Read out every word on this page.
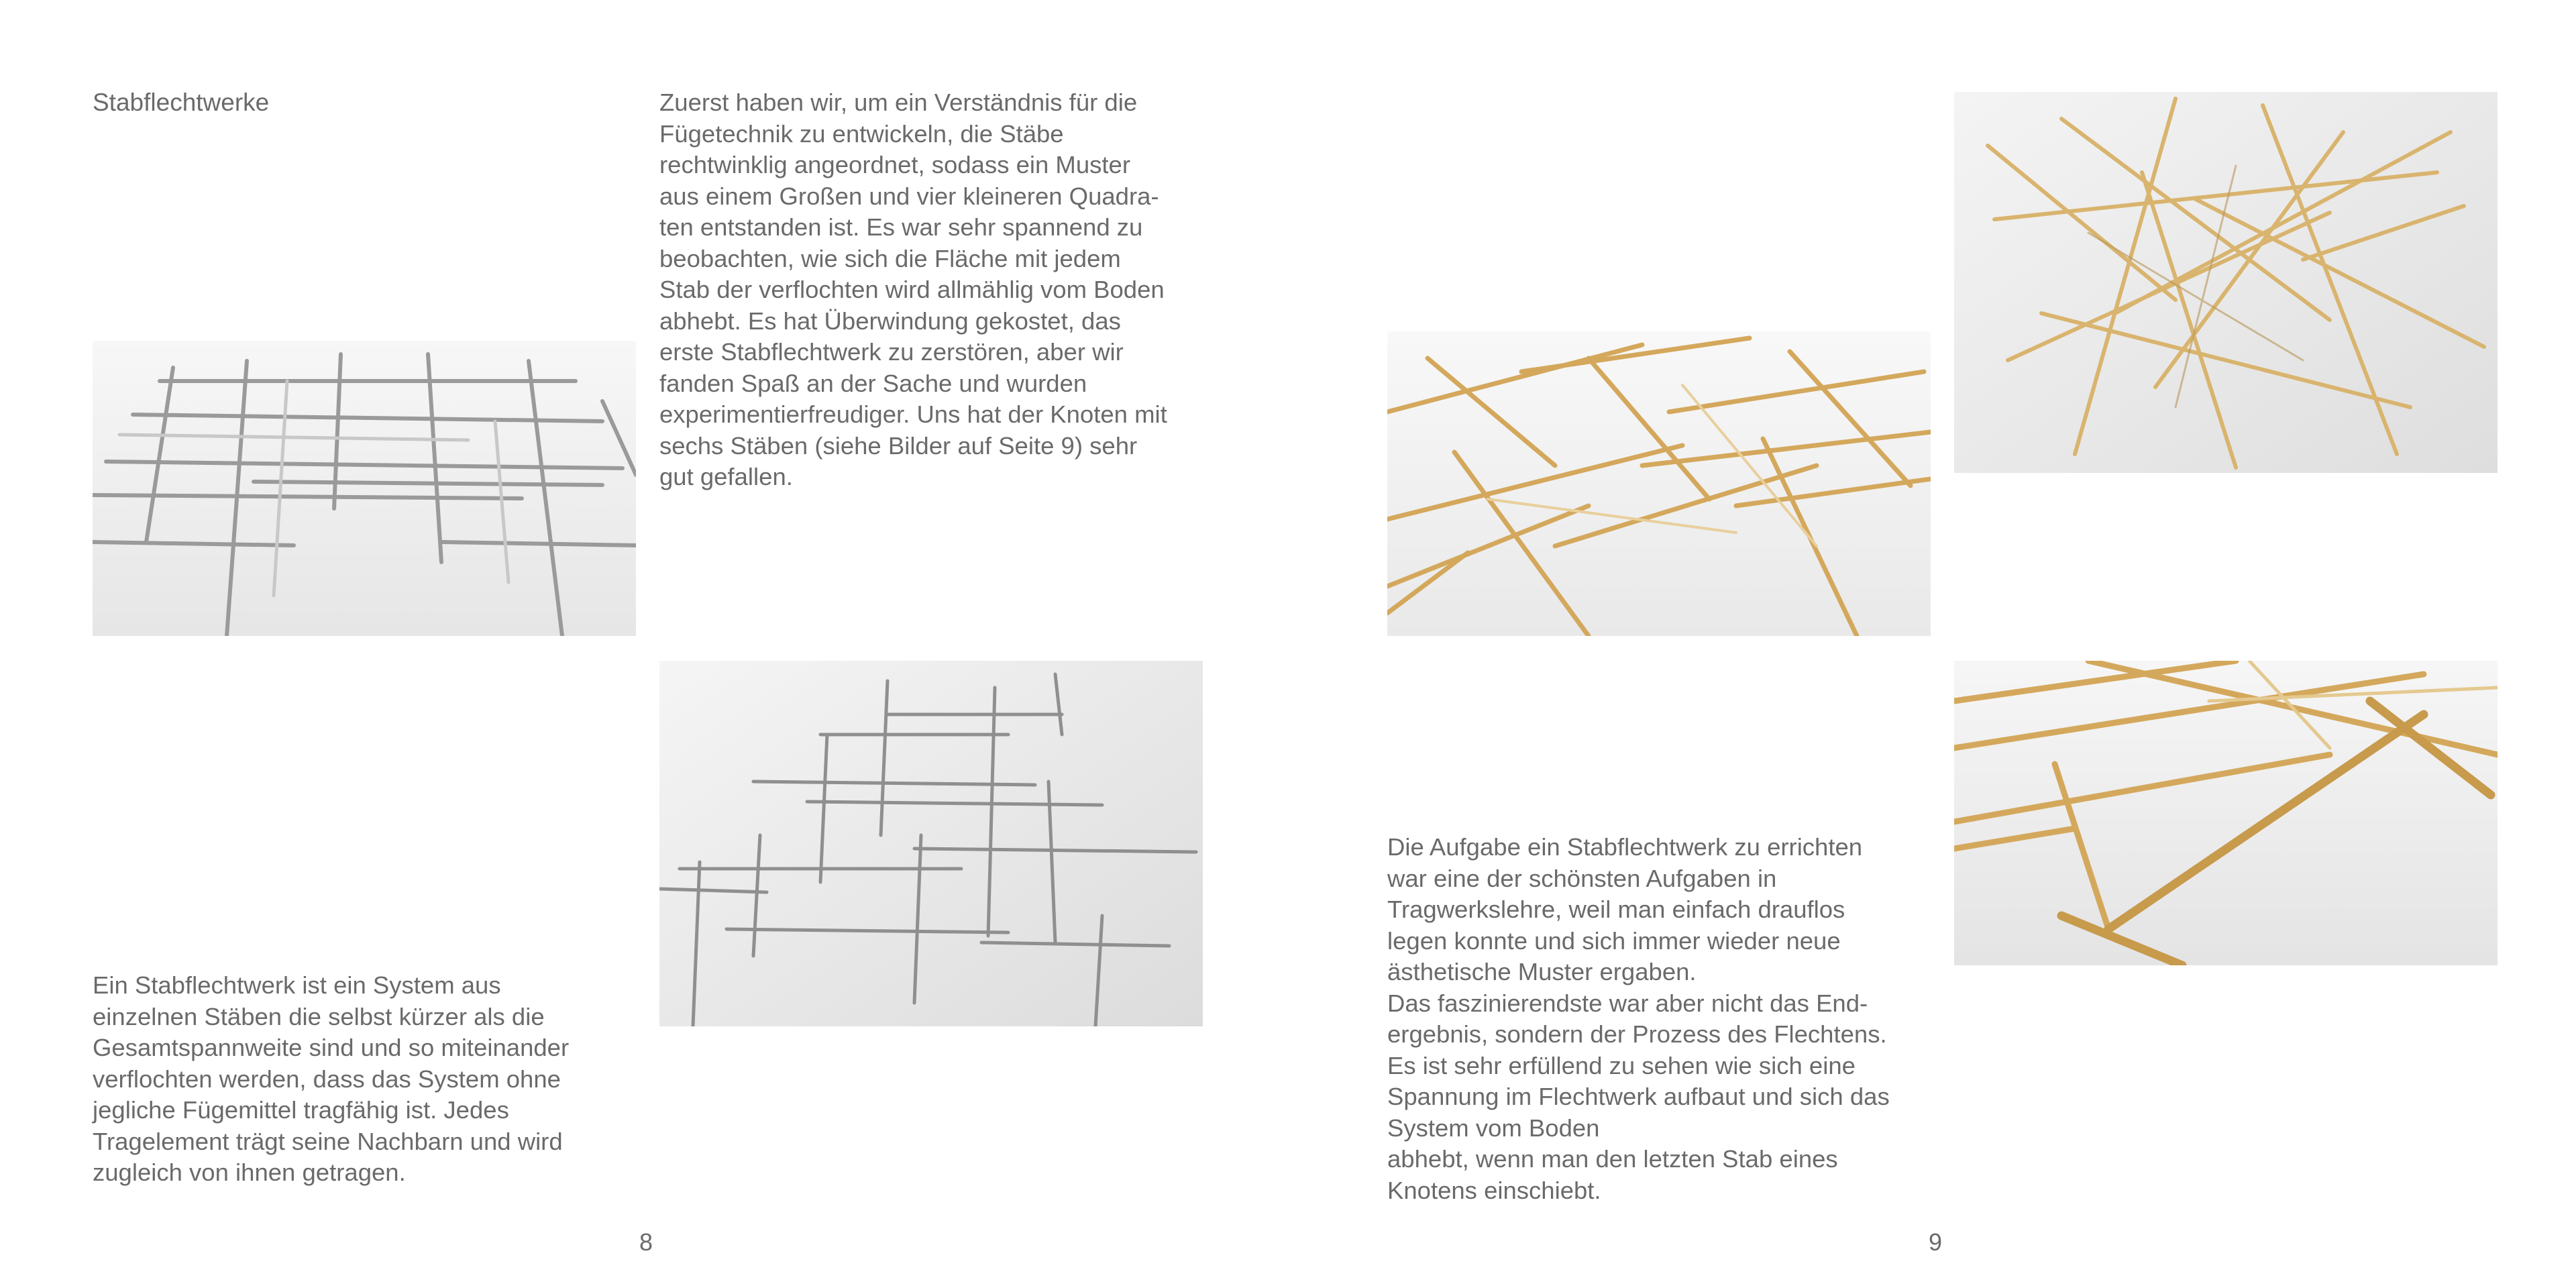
Stabflechtwerke	Zuerst haben wir, um ein Verständnis für die
Fügetechnik zu entwickeln, die Stäbe
rechtwinklig angeordnet, sodass ein Muster
aus einem Großen und vier kleineren Quadra-
ten entstanden ist. Es war sehr spannend zu
beobachten, wie sich die Fläche mit jedem
Stab der verflochten wird allmählig vom Boden
abhebt. Es hat Überwindung gekostet, das
erste Stabflechtwerk zu zerstören, aber wir
fanden Spaß an der Sache und wurden
experimentierfreudiger. Uns hat der Knoten mit
sechs Stäben (siehe Bilder auf Seite 9) sehr
gut gefallen.

Ein Stabflechtwerk ist ein System aus
einzelnen Stäben die selbst kürzer als die
Gesamtspannweite sind und so miteinander
verflochten werden, dass das System ohne
jegliche Fügemittel tragfähig ist. Jedes
Tragelement trägt seine Nachbarn und wird
zugleich von ihnen getragen.

8

Die Aufgabe ein Stabflechtwerk zu errichten
war eine der schönsten Aufgaben in
Tragwerkslehre, weil man einfach drauflos
legen konnte und sich immer wieder neue
ästhetische Muster ergaben.
Das faszinierendste war aber nicht das End-
ergebnis, sondern der Prozess des Flechtens.
Es ist sehr erfüllend zu sehen wie sich eine
Spannung im Flechtwerk aufbaut und sich das
System vom Boden
abhebt, wenn man den letzten Stab eines
Knotens einschiebt.

9
